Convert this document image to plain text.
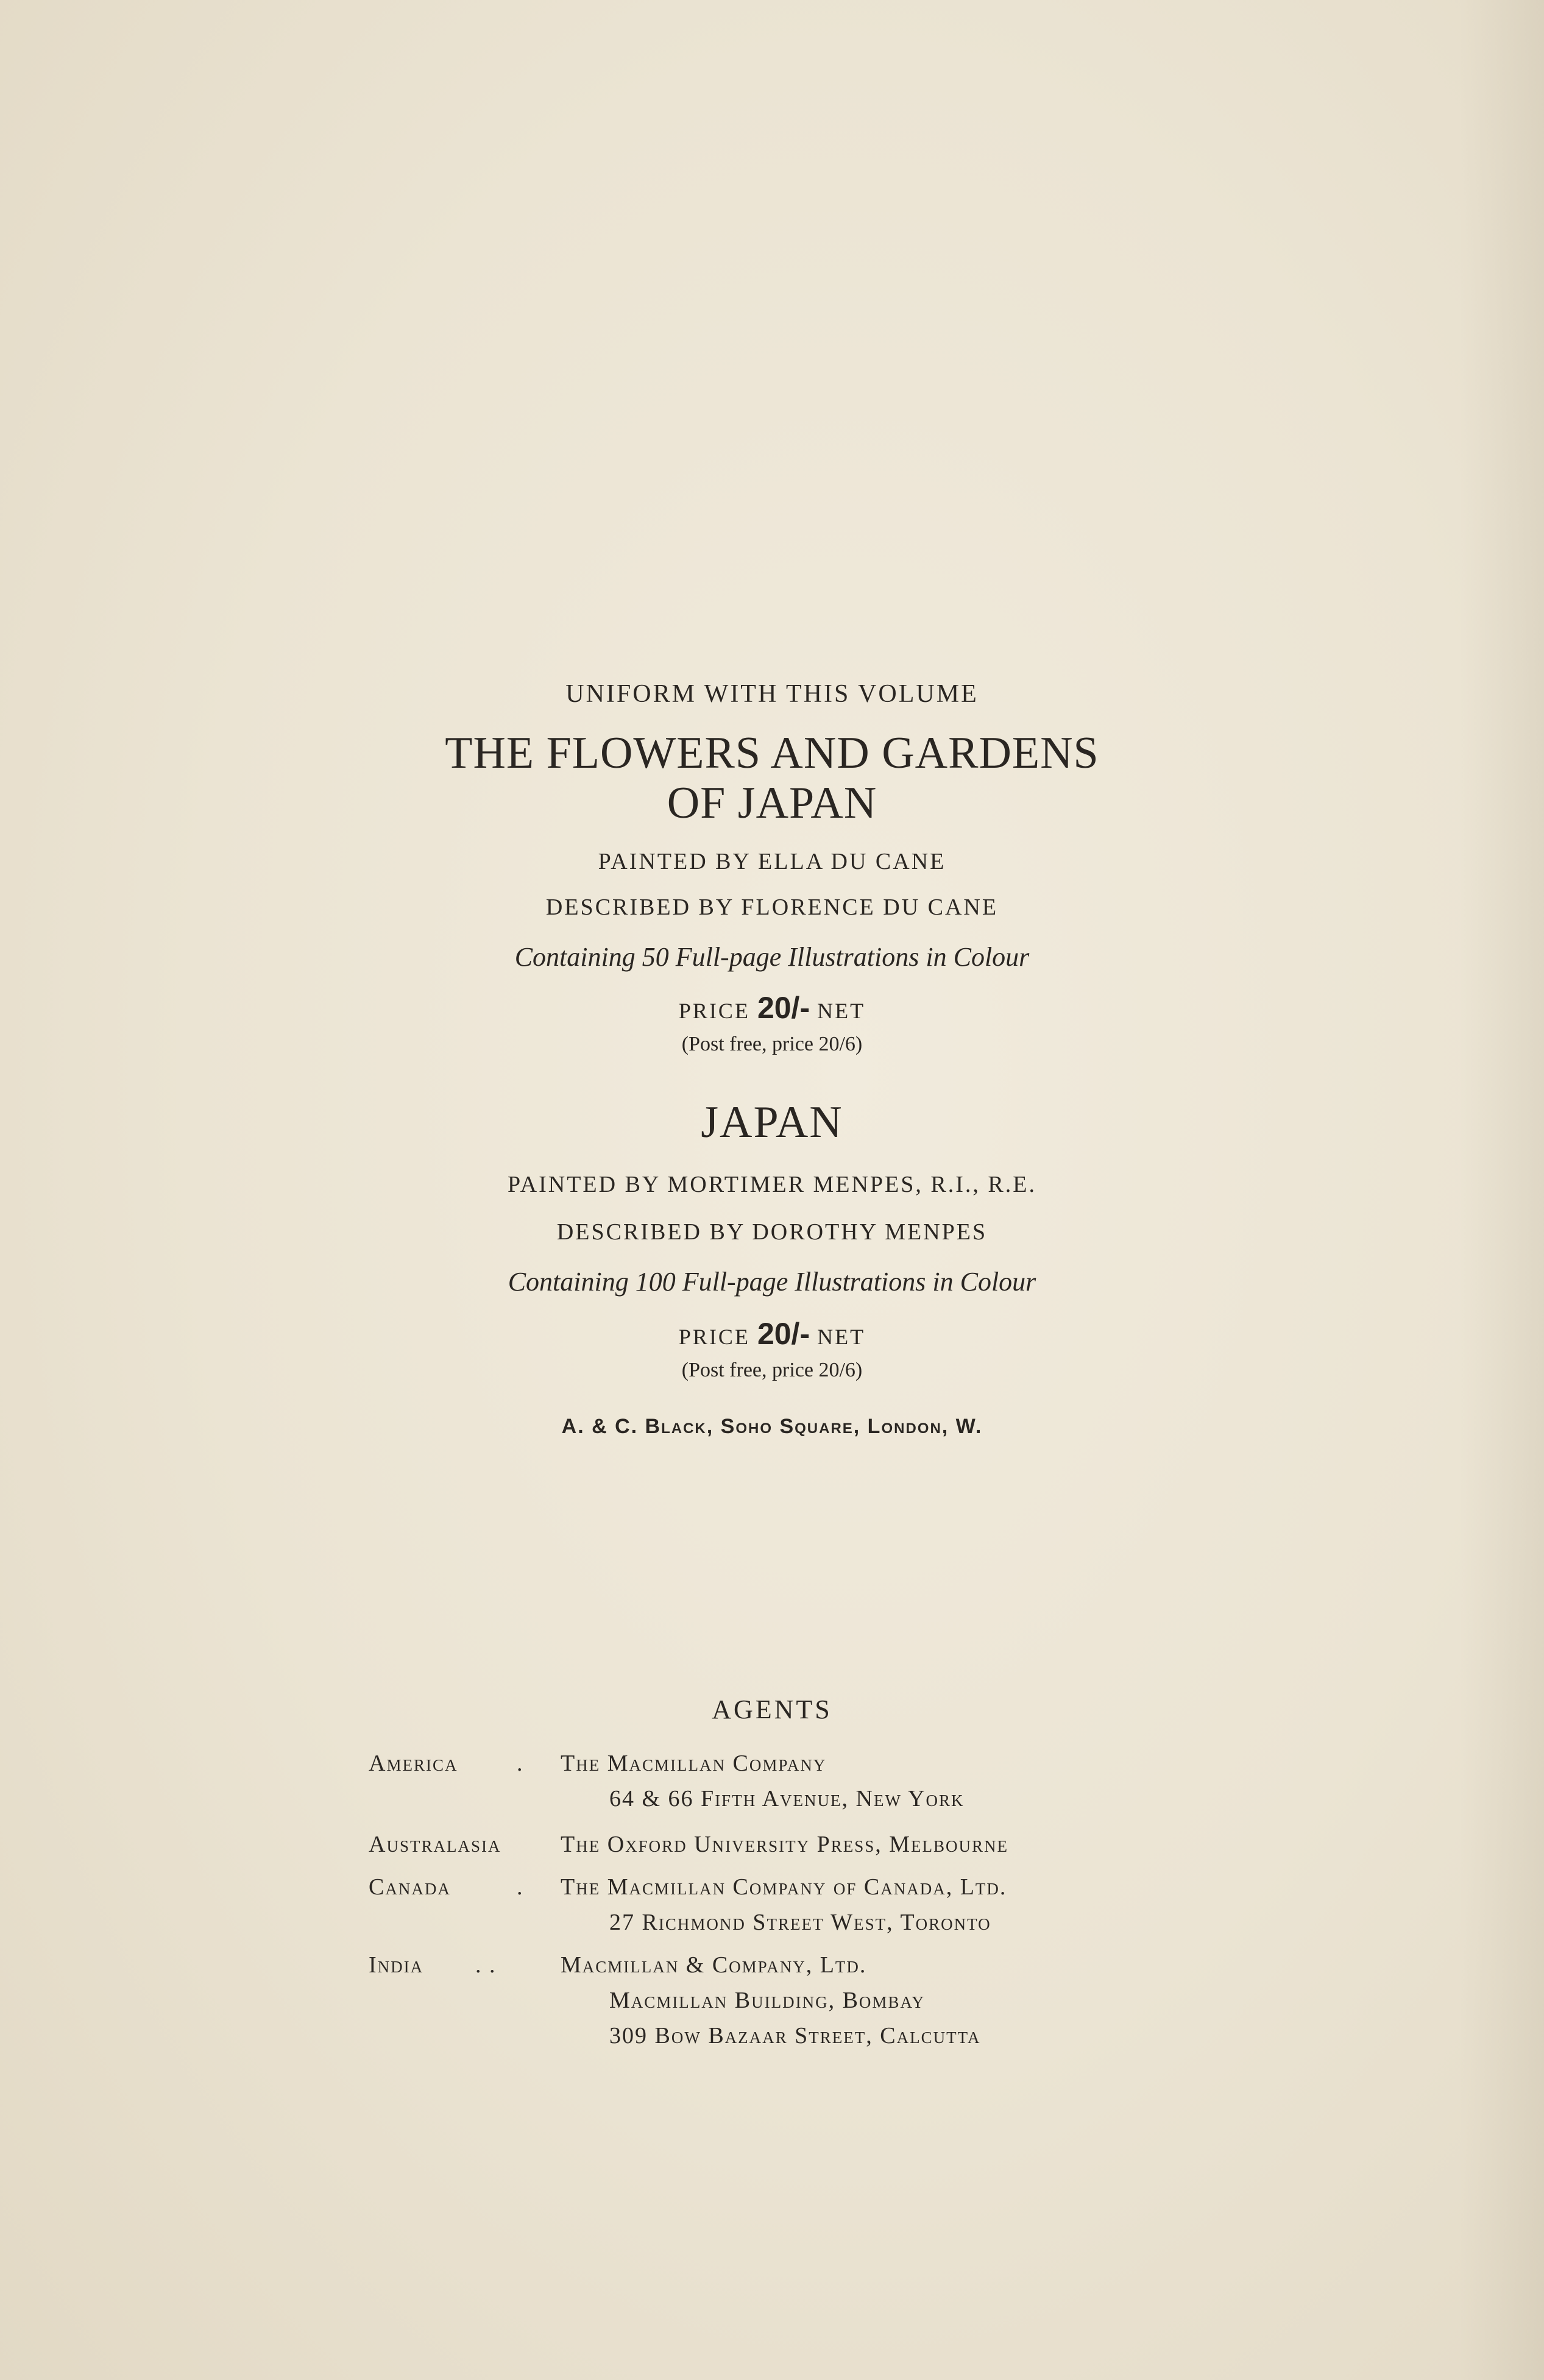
UNIFORM WITH THIS VOLUME
THE FLOWERS AND GARDENS
OF JAPAN
PAINTED BY ELLA DU CANE
DESCRIBED BY FLORENCE DU CANE
Containing 50 Full-page Illustrations in Colour
PRICE 20/- NET
(Post free, price 20/6)
JAPAN
PAINTED BY MORTIMER MENPES, R.I., R.E.
DESCRIBED BY DOROTHY MENPES
Containing 100 Full-page Illustrations in Colour
PRICE 20/- NET
(Post free, price 20/6)
A. & C. Black, Soho Square, London, W.
AGENTS
America	. The Macmillan Company
64 & 66 Fifth Avenue, New York
Australasia	The Oxford University Press, Melbourne
Canada	. The Macmillan Company of Canada, Ltd.
27 Richmond Street West, Toronto
India . .	Macmillan & Company, Ltd.
Macmillan Building, Bombay
309 Bow Bazaar Street, Calcutta
